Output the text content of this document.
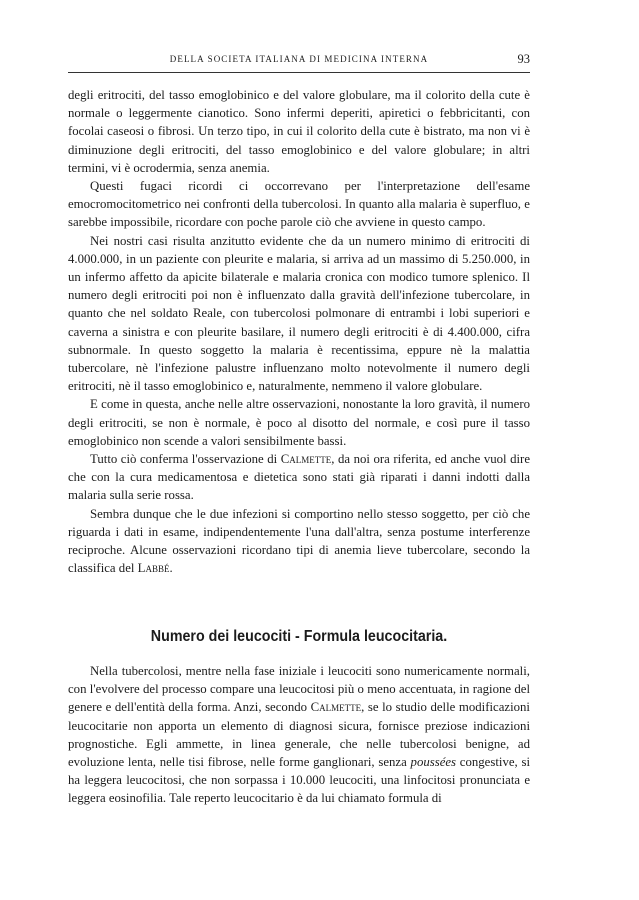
DELLA SOCIETA ITALIANA DI MEDICINA INTERNA	93

degli eritrociti, del tasso emoglobinico e del valore globulare, ma il colorito della cute è normale o leggermente cianotico. Sono infermi deperiti, apiretici o febbricitanti, con focolai caseosi o fibrosi. Un terzo tipo, in cui il colorito della cute è bistrato, ma non vi è diminuzione degli eritrociti, del tasso emoglobinico e del valore globulare; in altri termini, vi è ocrodermia, senza anemia.

Questi fugaci ricordi ci occorrevano per l'interpretazione dell'esame emocromocitometrico nei confronti della tubercolosi. In quanto alla malaria è superfluo, e sarebbe impossibile, ricordare con poche parole ciò che avviene in questo campo.

Nei nostri casi risulta anzitutto evidente che da un numero minimo di eritrociti di 4.000.000, in un paziente con pleurite e malaria, si arriva ad un massimo di 5.250.000, in un infermo affetto da apicite bilaterale e malaria cronica con modico tumore splenico. Il numero degli eritrociti poi non è influenzato dalla gravità dell'infezione tubercolare, in quanto che nel soldato Reale, con tubercolosi polmonare di entrambi i lobi superiori e caverna a sinistra e con pleurite basilare, il numero degli eritrociti è di 4.400.000, cifra subnormale. In questo soggetto la malaria è recentissima, eppure nè la malattia tubercolare, nè l'infezione palustre influenzano molto notevolmente il numero degli eritrociti, nè il tasso emoglobinico e, naturalmente, nemmeno il valore globulare.

E come in questa, anche nelle altre osservazioni, nonostante la loro gravità, il numero degli eritrociti, se non è normale, è poco al disotto del normale, e così pure il tasso emoglobinico non scende a valori sensibilmente bassi.

Tutto ciò conferma l'osservazione di Calmette, da noi ora riferita, ed anche vuol dire che con la cura medicamentosa e dietetica sono stati già riparati i danni indotti dalla malaria sulla serie rossa.

Sembra dunque che le due infezioni si comportino nello stesso soggetto, per ciò che riguarda i dati in esame, indipendentemente l'una dall'altra, senza postume interferenze reciproche. Alcune osservazioni ricordano tipi di anemia lieve tubercolare, secondo la classifica del Labbé.

Numero dei leucociti - Formula leucocitaria.

Nella tubercolosi, mentre nella fase iniziale i leucociti sono numericamente normali, con l'evolvere del processo compare una leucocitosi più o meno accentuata, in ragione del genere e dell'entità della forma. Anzi, secondo Calmette, se lo studio delle modificazioni leucocitarie non apporta un elemento di diagnosi sicura, fornisce preziose indicazioni prognostiche. Egli ammette, in linea generale, che nelle tubercolosi benigne, ad evoluzione lenta, nelle tisi fibrose, nelle forme ganglionari, senza poussées congestive, si ha leggera leucocitosi, che non sorpassa i 10.000 leucociti, una linfocitosi pronunciata e leggera eosinofilia. Tale reperto leucocitario è da lui chiamato formula di
